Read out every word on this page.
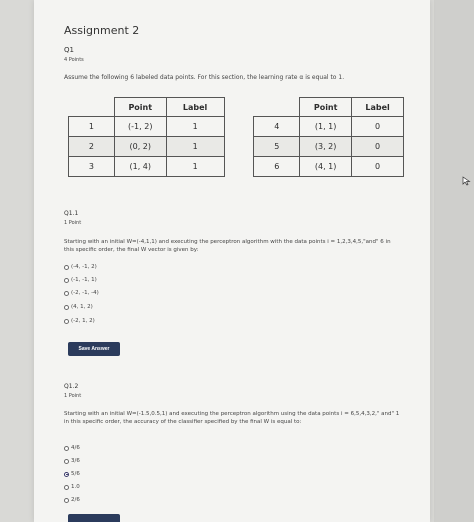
Assignment 2
Q1
4 Points
Assume the following 6 labeled data points. For this section, the learning rate α is equal to 1.
	Point	Label			Point	Label
1	(-1, 2)	1		4	(1, 1)	0
2	(0, 2)	1		5	(3, 2)	0
3	(1, 4)	1		6	(4, 1)	0
Q1.1
1 Point
Starting with an initial W=(-4,1,1) and executing the perceptron algorithm with the data points i = 1,2,3,4,5,"and" 6 in this specific order, the final W vector is given by:
(-4, -1, 2)
(-1, -1, 1)
(-2, -1, -4)
(4, 1, 2)
(-2, 1, 2)
Save Answer
Q1.2
1 Point
Starting with an initial W=(-1.5,0.5,1) and executing the perceptron algorithm using the data points i = 6,5,4,3,2," and" 1 in this specific order, the accuracy of the classifier specified by the final W is equal to:
4/6
3/6
5/6
1.0
2/6
